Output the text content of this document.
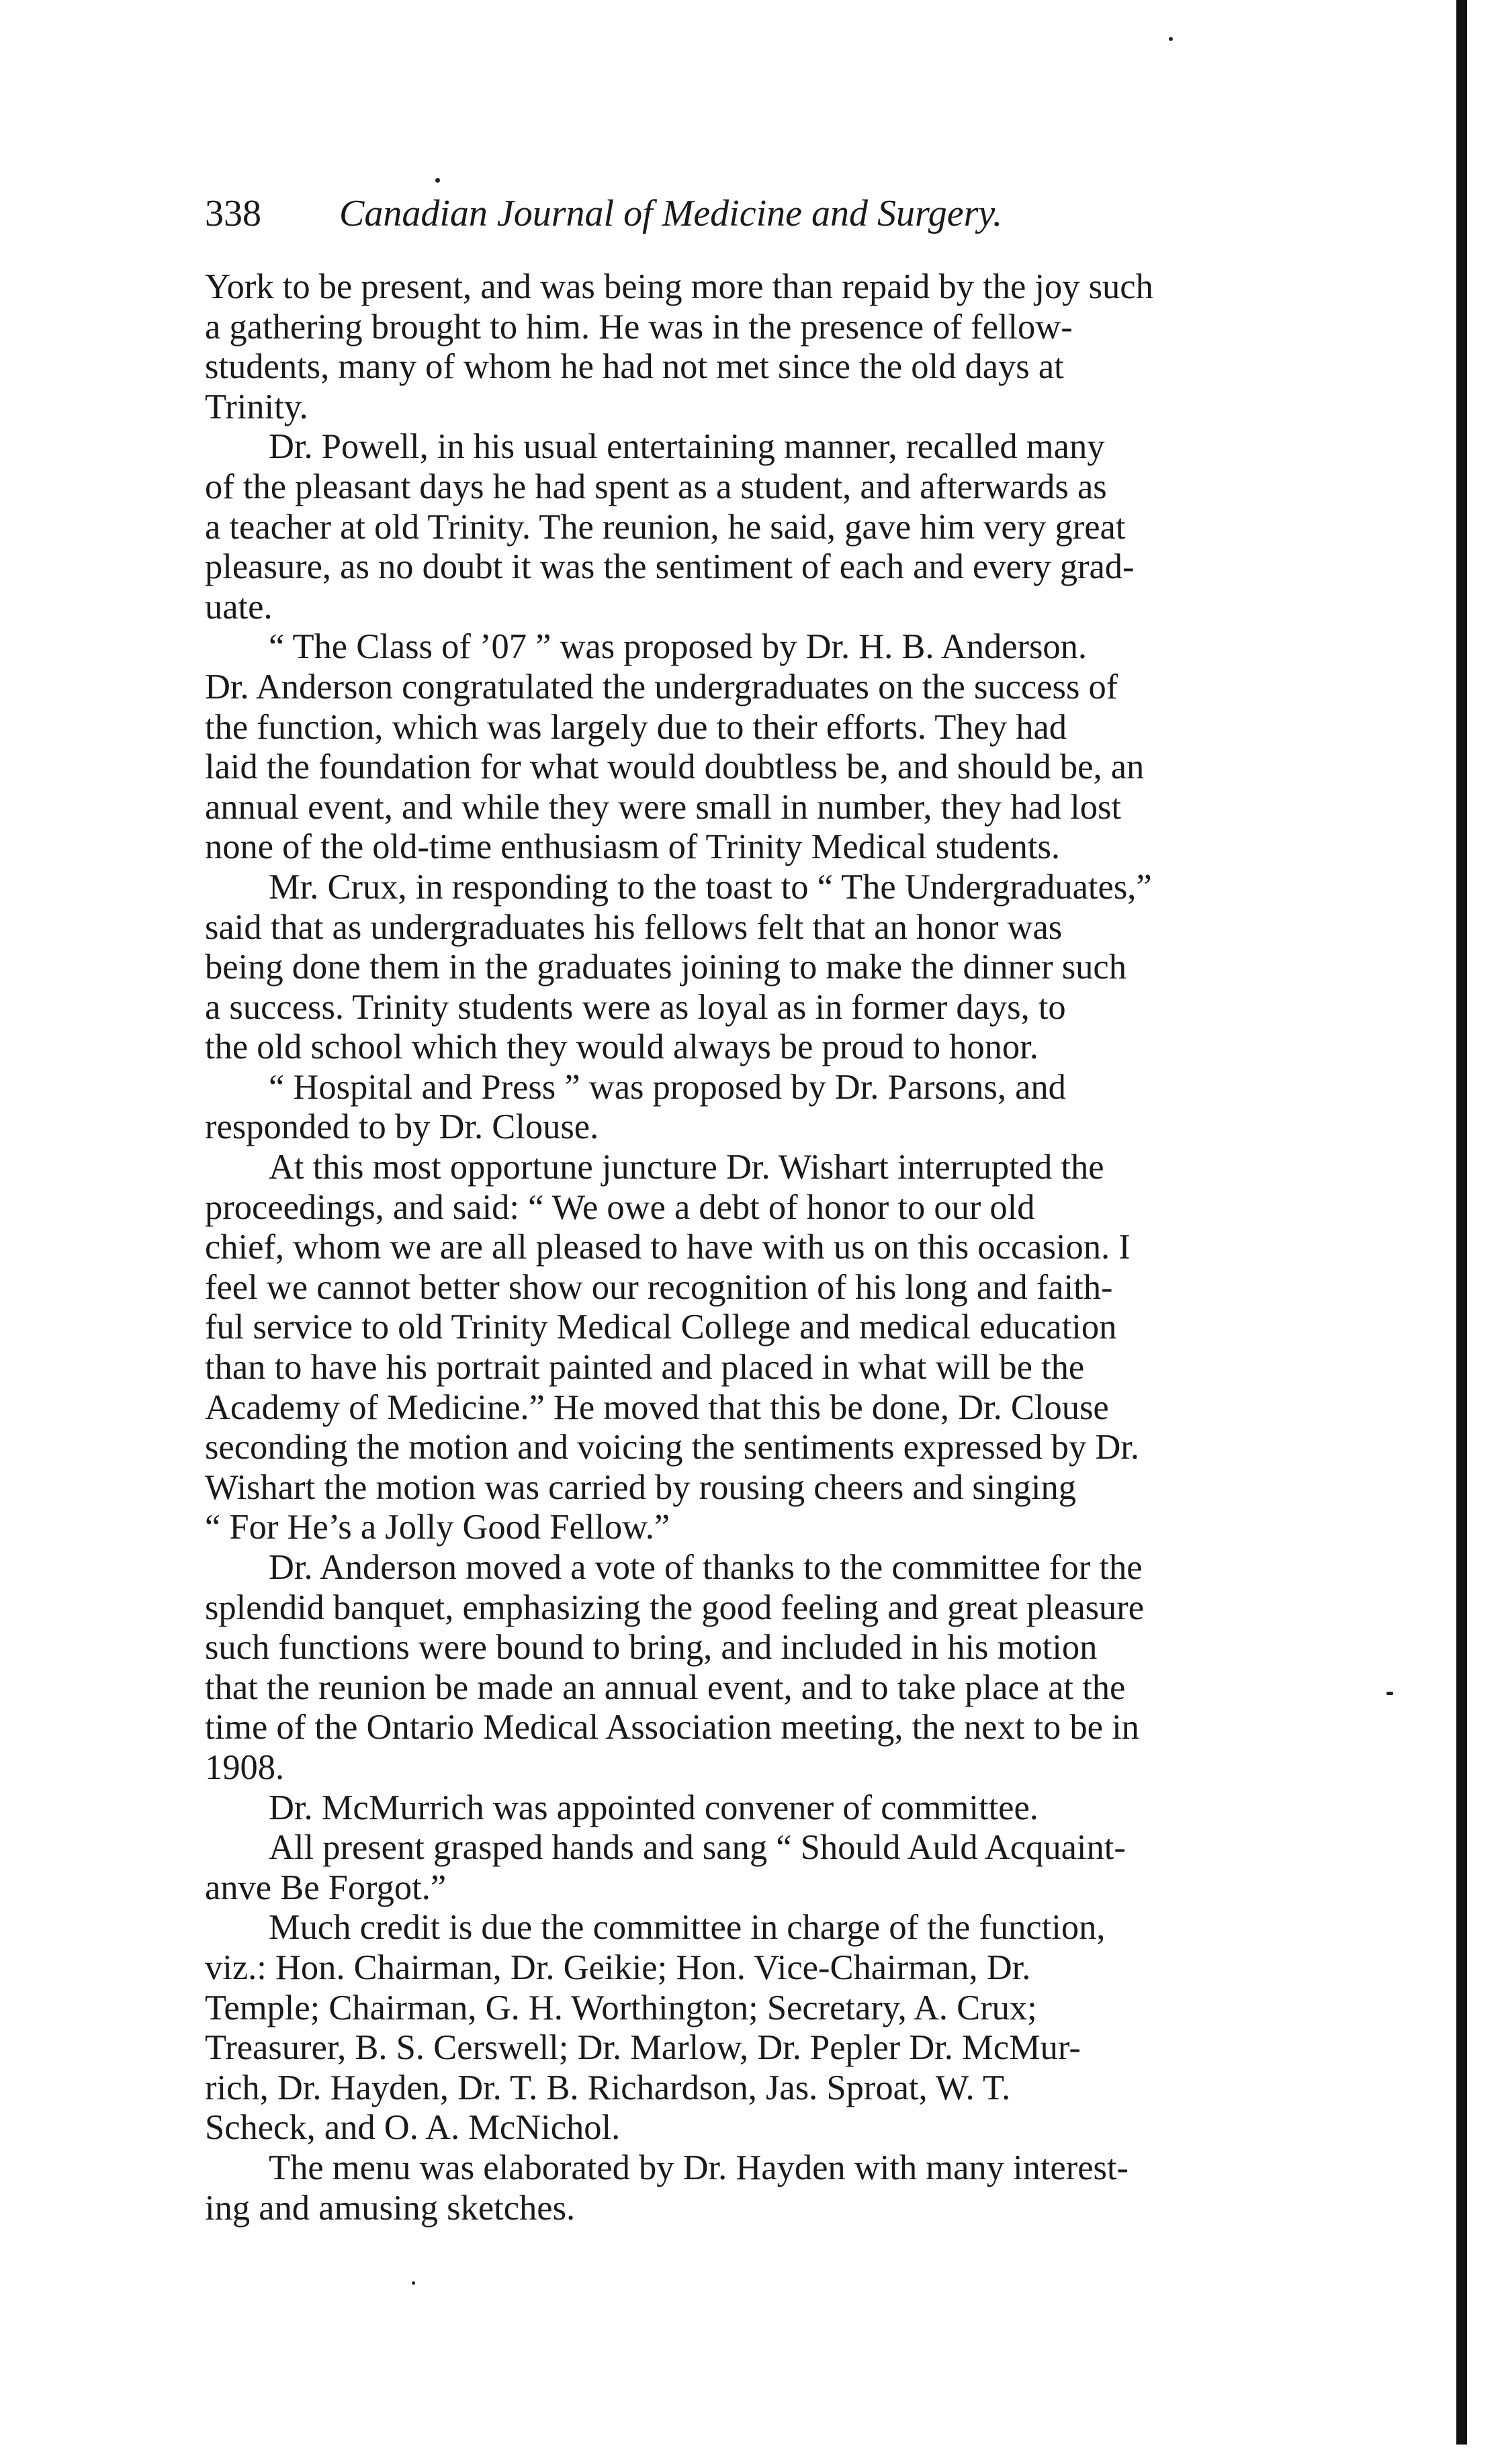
338 Canadian Journal of Medicine and Surgery.
York to be present, and was being more than repaid by the joy such
a gathering brought to him. He was in the presence of fellow-
students, many of whom he had not met since the old days at
Trinity.
Dr. Powell, in his usual entertaining manner, recalled many
of the pleasant days he had spent as a student, and afterwards as
a teacher at old Trinity. The reunion, he said, gave him very great
pleasure, as no doubt it was the sentiment of each and every grad-
uate.
“ The Class of ’07 ” was proposed by Dr. H. B. Anderson.
Dr. Anderson congratulated the undergraduates on the success of
the function, which was largely due to their efforts. They had
laid the foundation for what would doubtless be, and should be, an
annual event, and while they were small in number, they had lost
none of the old-time enthusiasm of Trinity Medical students.
Mr. Crux, in responding to the toast to “ The Undergraduates,”
said that as undergraduates his fellows felt that an honor was
being done them in the graduates joining to make the dinner such
a success. Trinity students were as loyal as in former days, to
the old school which they would always be proud to honor.
“ Hospital and Press ” was proposed by Dr. Parsons, and
responded to by Dr. Clouse.
At this most opportune juncture Dr. Wishart interrupted the
proceedings, and said: “ We owe a debt of honor to our old
chief, whom we are all pleased to have with us on this occasion. I
feel we cannot better show our recognition of his long and faith-
ful service to old Trinity Medical College and medical education
than to have his portrait painted and placed in what will be the
Academy of Medicine.” He moved that this be done, Dr. Clouse
seconding the motion and voicing the sentiments expressed by Dr.
Wishart the motion was carried by rousing cheers and singing
“ For He’s a Jolly Good Fellow.”
Dr. Anderson moved a vote of thanks to the committee for the
splendid banquet, emphasizing the good feeling and great pleasure
such functions were bound to bring, and included in his motion
that the reunion be made an annual event, and to take place at the
time of the Ontario Medical Association meeting, the next to be in
1908.
Dr. McMurrich was appointed convener of committee.
All present grasped hands and sang “ Should Auld Acquaint-
anve Be Forgot.”
Much credit is due the committee in charge of the function,
viz.: Hon. Chairman, Dr. Geikie; Hon. Vice-Chairman, Dr.
Temple; Chairman, G. H. Worthington; Secretary, A. Crux;
Treasurer, B. S. Cerswell; Dr. Marlow, Dr. Pepler Dr. McMur-
rich, Dr. Hayden, Dr. T. B. Richardson, Jas. Sproat, W. T.
Scheck, and O. A. McNichol.
The menu was elaborated by Dr. Hayden with many interest-
ing and amusing sketches.
